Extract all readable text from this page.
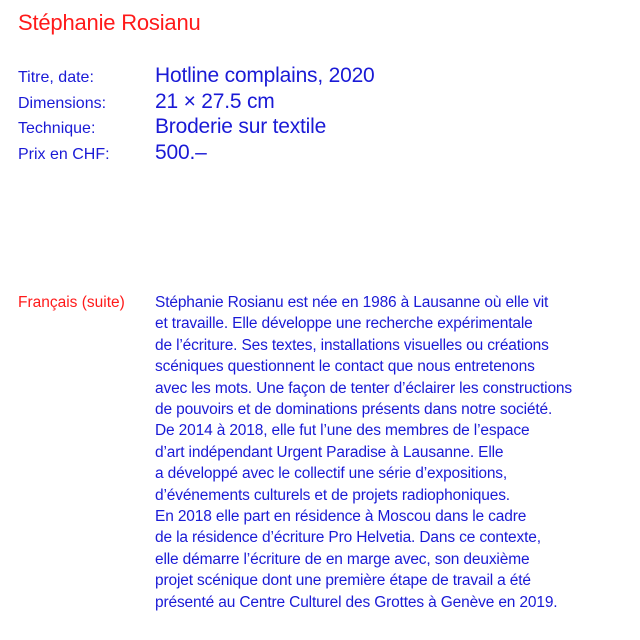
Stéphanie Rosianu
Titre, date:	Hotline complains, 2020
Dimensions:	21 × 27.5 cm
Technique:	Broderie sur textile
Prix en CHF:	500.–
Français (suite) Stéphanie Rosianu est née en 1986 à Lausanne où elle vit
et travaille. Elle développe une recherche expérimentale
de l’écriture. Ses textes, installations visuelles ou créations
scéniques questionnent le contact que nous entretenons
avec les mots. Une façon de tenter d’éclairer les constructions
de pouvoirs et de dominations présents dans notre société.
De 2014 à 2018, elle fut l’une des membres de l’espace
d’art indépendant Urgent Paradise à Lausanne. Elle
a développé avec le collectif une série d’expositions,
d’événements culturels et de projets radiophoniques.
En 2018 elle part en résidence à Moscou dans le cadre
de la résidence d’écriture Pro Helvetia. Dans ce contexte,
elle démarre l’écriture de en marge avec, son deuxième
projet scénique dont une première étape de travail a été
présenté au Centre Culturel des Grottes à Genève en 2019.
